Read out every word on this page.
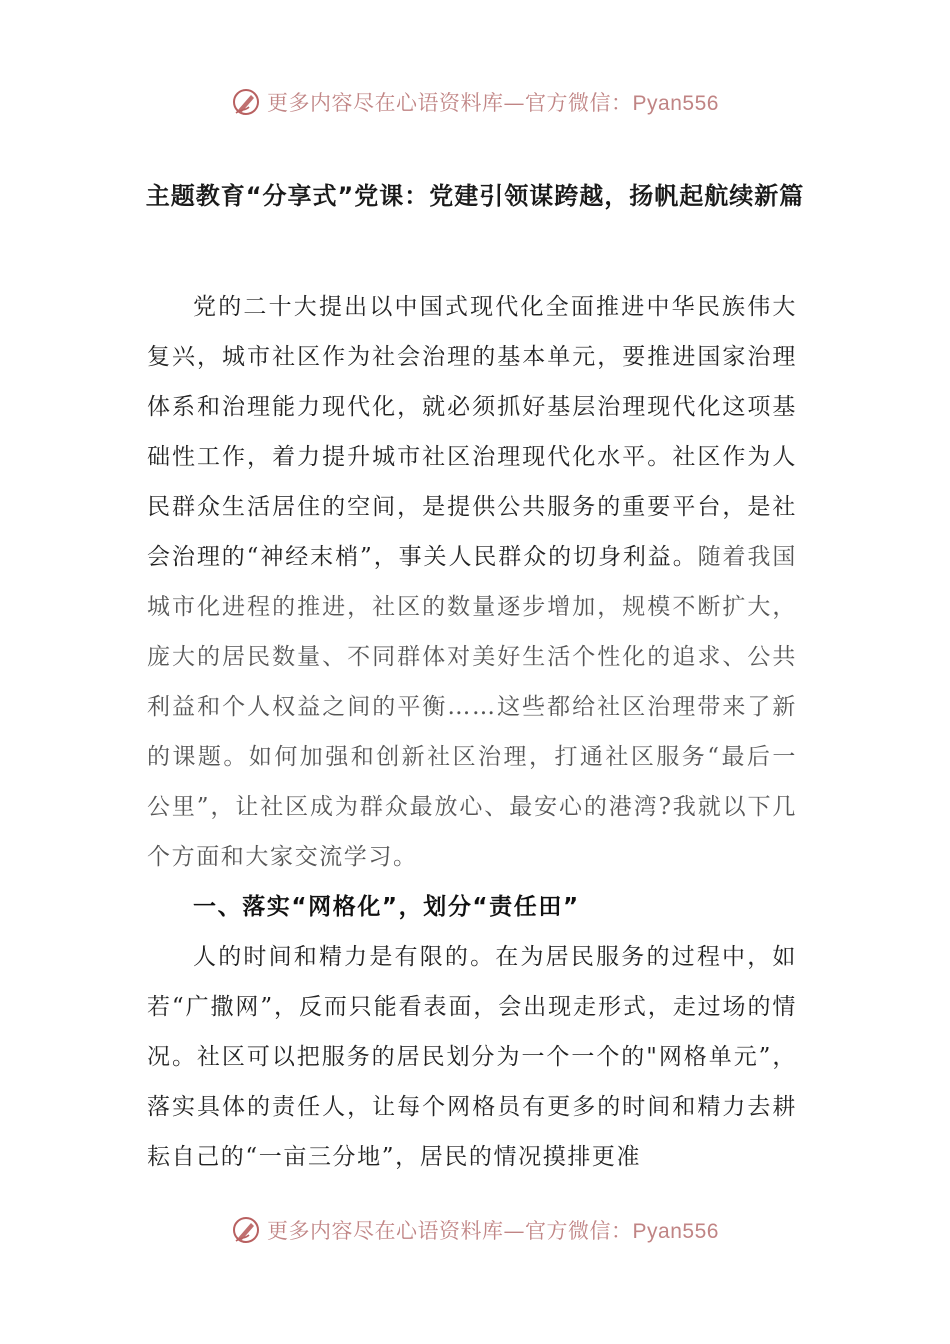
更多内容尽在心语资料库—官方微信：Pyan556
主题教育“分享式”党课：党建引领谋跨越，扬帆起航续新篇

党的二十大提出以中国式现代化全面推进中华民族伟大复兴，城市社区作为社会治理的基本单元，要推进国家治理体系和治理能力现代化，就必须抓好基层治理现代化这项基础性工作，着力提升城市社区治理现代化水平。社区作为人民群众生活居住的空间，是提供公共服务的重要平台，是社会治理的“神经末梢”，事关人民群众的切身利益。随着我国城市化进程的推进，社区的数量逐步增加，规模不断扩大，庞大的居民数量、不同群体对美好生活个性化的追求、公共利益和个人权益之间的平衡……这些都给社区治理带来了新的课题。如何加强和创新社区治理，打通社区服务“最后一公里”，让社区成为群众最放心、最安心的港湾?我就以下几个方面和大家交流学习。

一、落实“网格化”，划分“责任田”

人的时间和精力是有限的。在为居民服务的过程中，如若“广撒网”，反而只能看表面，会出现走形式，走过场的情况。社区可以把服务的居民划分为一个一个的"网格单元”，落实具体的责任人，让每个网格员有更多的时间和精力去耕耘自己的“一亩三分地”，居民的情况摸排更准

更多内容尽在心语资料库—官方微信：Pyan556
